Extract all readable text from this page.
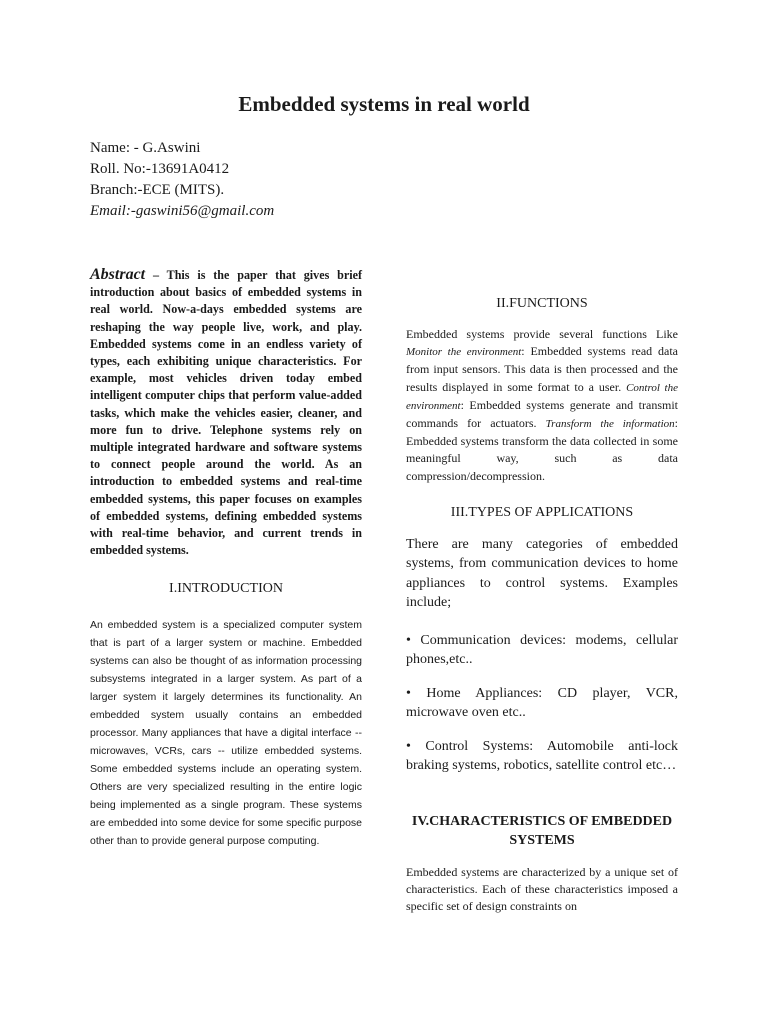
Embedded systems in real world
Name: - G.Aswini
Roll. No:-13691A0412
Branch:-ECE (MITS).
Email:-gaswini56@gmail.com

Abstract – This is the paper that gives brief introduction about basics of embedded systems in real world. Now-a-days embedded systems are reshaping the way people live, work, and play. Embedded systems come in an endless variety of types, each exhibiting unique characteristics. For example, most vehicles driven today embed intelligent computer chips that perform value-added tasks, which make the vehicles easier, cleaner, and more fun to drive. Telephone systems rely on multiple integrated hardware and software systems to connect people around the world. As an introduction to embedded systems and real-time embedded systems, this paper focuses on examples of embedded systems, defining embedded systems with real-time behavior, and current trends in embedded systems.

I.INTRODUCTION

An embedded system is a specialized computer system that is part of a larger system or machine. Embedded systems can also be thought of as information processing subsystems integrated in a larger system. As part of a larger system it largely determines its functionality. An embedded system usually contains an embedded processor. Many appliances that have a digital interface -- microwaves, VCRs, cars -- utilize embedded systems. Some embedded systems include an operating system. Others are very specialized resulting in the entire logic being implemented as a single program. These systems are embedded into some device for some specific purpose other than to provide general purpose computing.

II.FUNCTIONS

Embedded systems provide several functions Like Monitor the environment: Embedded systems read data from input sensors. This data is then processed and the results displayed in some format to a user. Control the environment: Embedded systems generate and transmit commands for actuators. Transform the information: Embedded systems transform the data collected in some meaningful way, such as data compression/decompression.

III.TYPES OF APPLICATIONS

There are many categories of embedded systems, from communication devices to home appliances to control systems. Examples include;

• Communication devices: modems, cellular phones,etc..

• Home Appliances: CD player, VCR, microwave oven etc..

• Control Systems: Automobile anti-lock braking systems, robotics, satellite control etc…

IV.CHARACTERISTICS OF EMBEDDED SYSTEMS

Embedded systems are characterized by a unique set of characteristics. Each of these characteristics imposed a specific set of design constraints on
